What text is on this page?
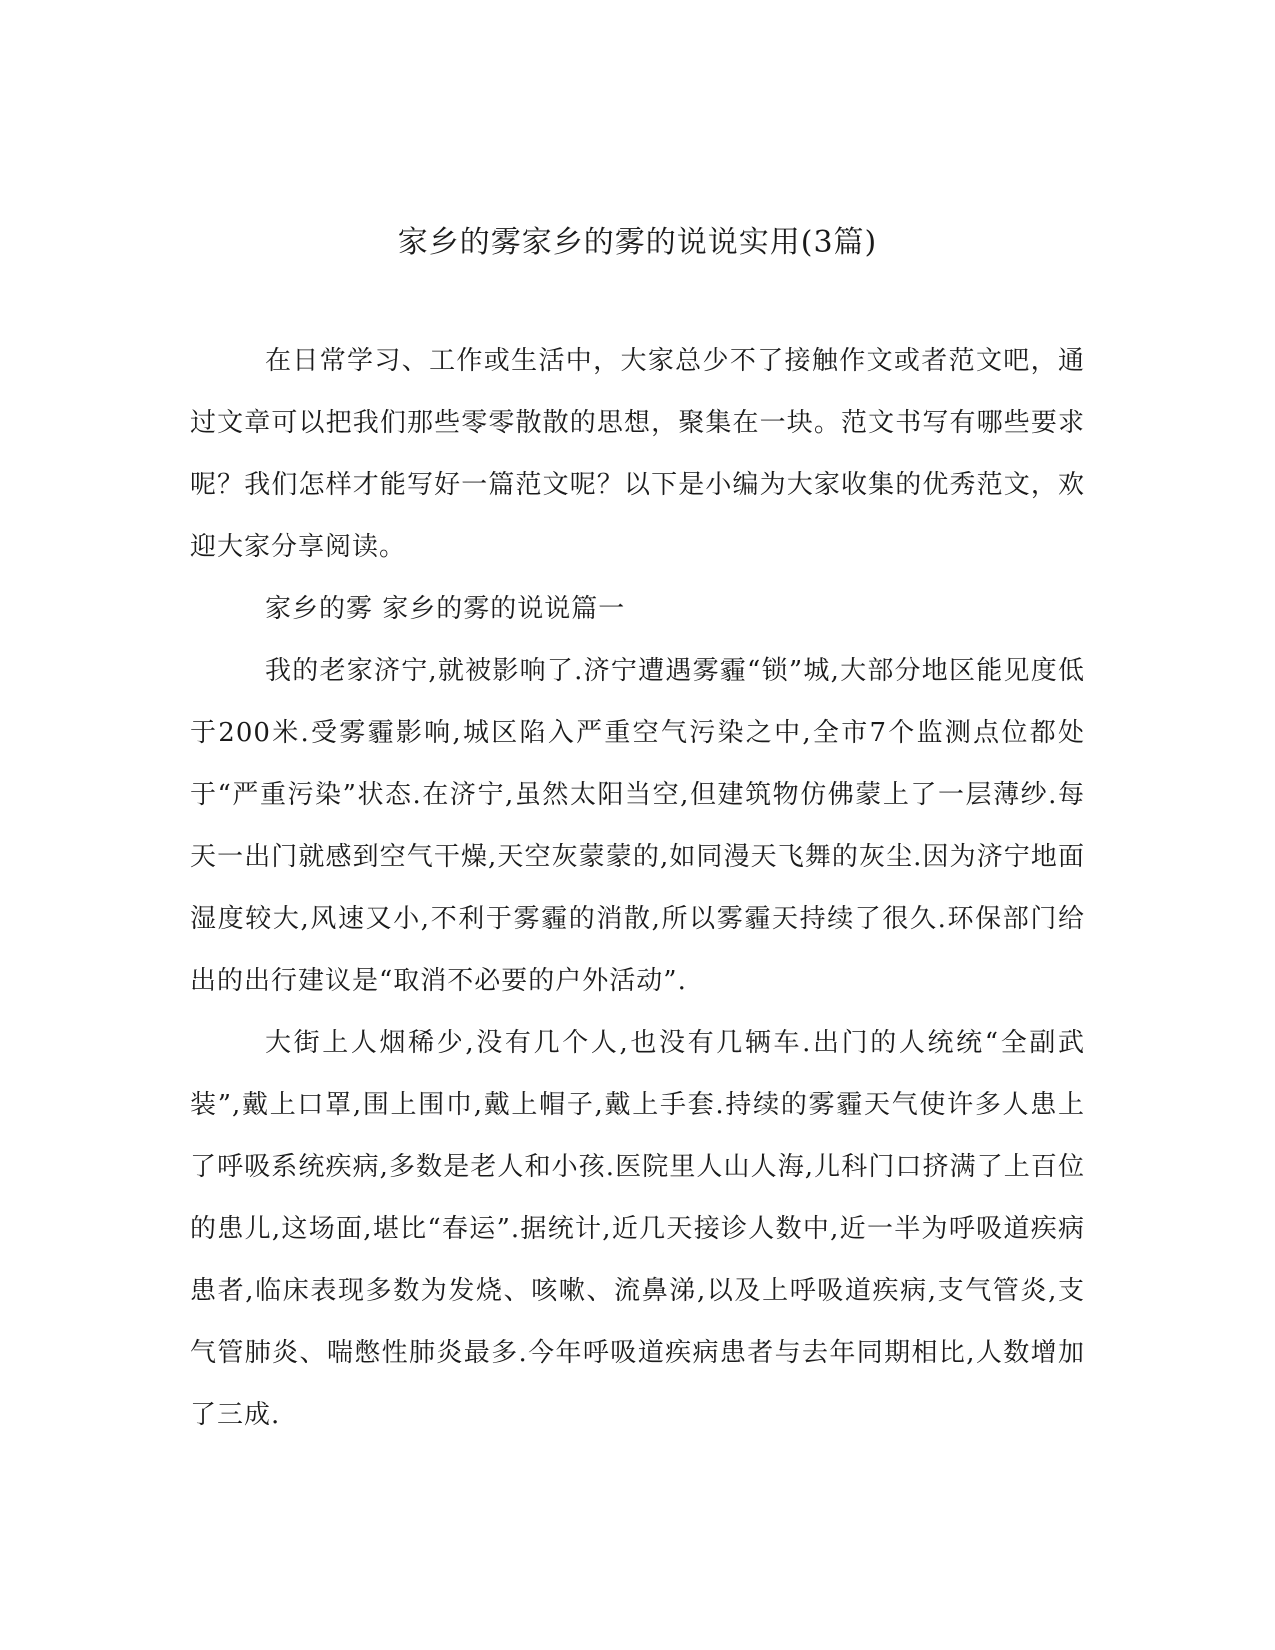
家乡的雾家乡的雾的说说实用(3篇)

在日常学习、工作或生活中，大家总少不了接触作文或者范文吧，通过文章可以把我们那些零零散散的思想，聚集在一块。范文书写有哪些要求呢？我们怎样才能写好一篇范文呢？以下是小编为大家收集的优秀范文，欢迎大家分享阅读。

家乡的雾 家乡的雾的说说篇一

我的老家济宁,就被影响了.济宁遭遇雾霾“锁”城,大部分地区能见度低于200米.受雾霾影响,城区陷入严重空气污染之中,全市7个监测点位都处于“严重污染”状态.在济宁,虽然太阳当空,但建筑物仿佛蒙上了一层薄纱.每天一出门就感到空气干燥,天空灰蒙蒙的,如同漫天飞舞的灰尘.因为济宁地面湿度较大,风速又小,不利于雾霾的消散,所以雾霾天持续了很久.环保部门给出的出行建议是“取消不必要的户外活动”.

大街上人烟稀少,没有几个人,也没有几辆车.出门的人统统“全副武装”,戴上口罩,围上围巾,戴上帽子,戴上手套.持续的雾霾天气使许多人患上了呼吸系统疾病,多数是老人和小孩.医院里人山人海,儿科门口挤满了上百位的患儿,这场面,堪比“春运”.据统计,近几天接诊人数中,近一半为呼吸道疾病患者,临床表现多数为发烧、咳嗽、流鼻涕,以及上呼吸道疾病,支气管炎,支气管肺炎、喘憋性肺炎最多.今年呼吸道疾病患者与去年同期相比,人数增加了三成.
